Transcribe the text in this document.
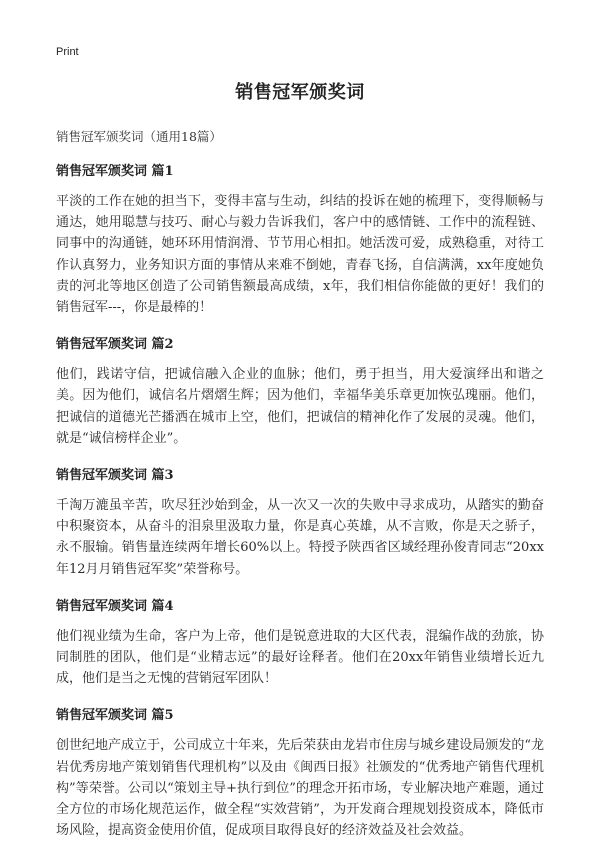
Print
销售冠军颁奖词
销售冠军颁奖词（通用18篇）
销售冠军颁奖词 篇1
平淡的工作在她的担当下，变得丰富与生动，纠结的投诉在她的梳理下，变得顺畅与通达，她用聪慧与技巧、耐心与毅力告诉我们，客户中的感情链、工作中的流程链、同事中的沟通链，她环环用情润滑、节节用心相扣。她活泼可爱，成熟稳重，对待工作认真努力，业务知识方面的事情从来难不倒她，青春飞扬，自信满满，xx年度她负责的河北等地区创造了公司销售额最高成绩，x年，我们相信你能做的更好！我们的销售冠军---，你是最棒的！
销售冠军颁奖词 篇2
他们，践诺守信，把诚信融入企业的血脉；他们，勇于担当，用大爱演绎出和谐之美。因为他们，诚信名片熠熠生辉；因为他们，幸福华美乐章更加恢弘瑰丽。他们，把诚信的道德光芒播洒在城市上空，他们，把诚信的精神化作了发展的灵魂。他们，就是“诚信榜样企业”。
销售冠军颁奖词 篇3
千淘万漉虽辛苦，吹尽狂沙始到金，从一次又一次的失败中寻求成功，从踏实的勤奋中积聚资本，从奋斗的泪泉里汲取力量，你是真心英雄，从不言败，你是天之骄子，永不服输。销售量连续两年增长60%以上。特授予陕西省区域经理孙俊青同志“20xx年12月月销售冠军奖”荣誉称号。
销售冠军颁奖词 篇4
他们视业绩为生命，客户为上帝，他们是锐意进取的大区代表，混编作战的劲旅，协同制胜的团队，他们是“业精志远”的最好诠释者。他们在20xx年销售业绩增长近九成，他们是当之无愧的营销冠军团队！
销售冠军颁奖词 篇5
创世纪地产成立于，公司成立十年来，先后荣获由龙岩市住房与城乡建设局颁发的“龙岩优秀房地产策划销售代理机构”以及由《闽西日报》社颁发的“优秀地产销售代理机构”等荣誉。公司以“策划主导+执行到位”的理念开拓市场，专业解决地产难题，通过全方位的市场化规范运作，做全程“实效营销”，为开发商合理规划投资成本，降低市场风险，提高资金使用价值，促成项目取得良好的经济效益及社会效益。
